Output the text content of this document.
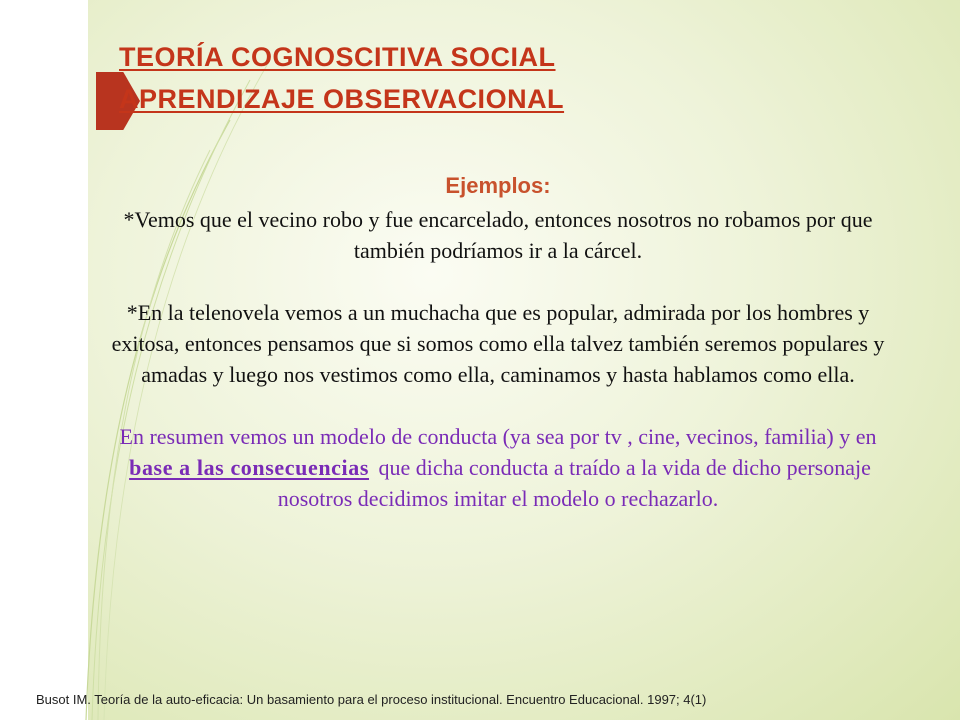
TEORÍA COGNOSCITIVA SOCIAL
APRENDIZAJE OBSERVACIONAL
Ejemplos:

*Vemos que el vecino robo y fue encarcelado, entonces nosotros no robamos por que también podríamos ir a la cárcel.

*En la telenovela vemos a un muchacha que es popular, admirada por los hombres y exitosa, entonces pensamos que si somos como ella talvez también seremos populares y amadas y luego nos vestimos como ella, caminamos y hasta hablamos como ella.

En resumen vemos un modelo de conducta (ya sea por tv , cine, vecinos, familia) y en base a las consecuencias que dicha conducta a traído a la vida de dicho personaje nosotros decidimos imitar el modelo o rechazarlo.

Busot IM. Teoría de la auto-eficacia: Un basamiento para el proceso institucional. Encuentro Educacional. 1997; 4(1)
